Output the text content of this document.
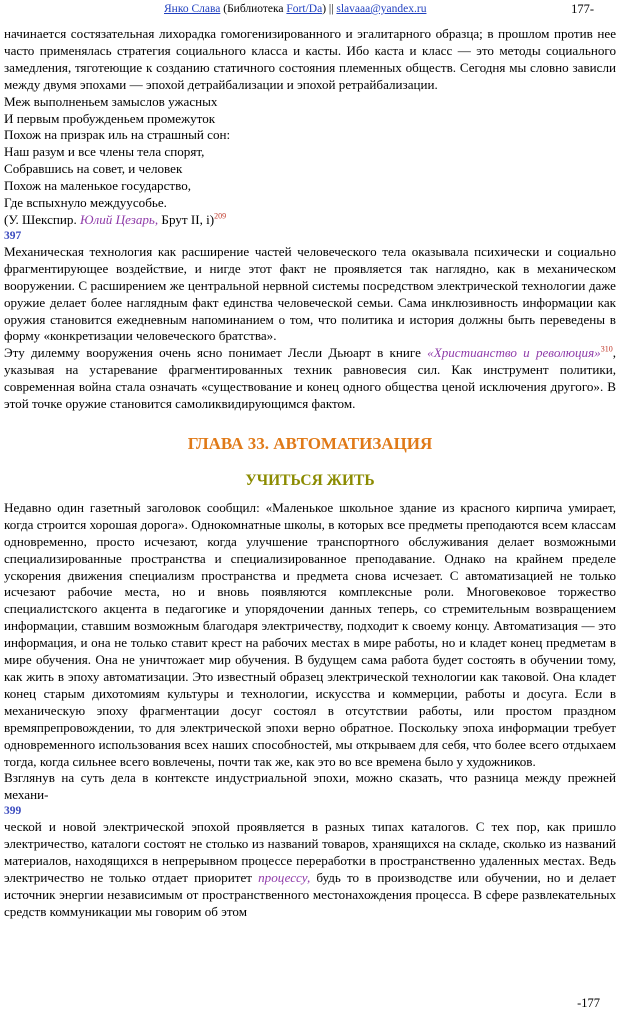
Янко Слава (Библиотека Fort/Da) || slavaaa@yandex.ru	177-

начинается состязательная лихорадка гомогенизированного и эгалитарного образца; в прошлом против нее часто применялась стратегия социального класса и касты. Ибо каста и класс — это методы социального замедления, тяготеющие к созданию статичного состояния племенных обществ. Сегодня мы словно зависли между двумя эпохами — эпохой детрайбализации и эпохой ретрайбализации.

Меж выполненьем замыслов ужасных

И первым пробужденьем промежуток

Похож на призрак иль на страшный сон:

Наш разум и все члены тела спорят,

Собравшись на совет, и человек

Похож на маленькое государство,

Где вспыхнуло междуусобье.

(У. Шекспир. Юлий Цезарь, Брут II, i)$^{209}$

397

Механическая технология как расширение частей человеческого тела оказывала психически и социально фрагментирующее воздействие, и нигде этот факт не проявляется так наглядно, как в механическом вооружении. С расширением же центральной нервной системы посредством электрической технологии даже оружие делает более наглядным факт единства человеческой семьи. Сама инклюзивность информации как оружия становится ежедневным напоминанием о том, что политика и история должны быть переведены в форму «конкретизации человеческого братства».

Эту дилемму вооружения очень ясно понимает Лесли Дьюарт в книге «Христианство и революция»$^{310}$, указывая на устаревание фрагментированных техник равновесия сил. Как инструмент политики, современная война стала означать «существование и конец одного общества ценой исключения другого». В этой точке оружие становится самоликвидирующимся фактом.

ГЛАВА 33. АВТОМАТИЗАЦИЯ
УЧИТЬСЯ ЖИТЬ

Недавно один газетный заголовок сообщил: «Маленькое школьное здание из красного кирпича умирает, когда строится хорошая дорога». Однокомнатные школы, в которых все предметы преподаются всем классам одновременно, просто исчезают, когда улучшение транспортного обслуживания делает возможными специализированные пространства и специализированное преподавание. Однако на крайнем пределе ускорения движения специализм пространства и предмета снова исчезает. С автоматизацией не только исчезают рабочие места, но и вновь появляются комплексные роли. Многовековое торжество специалистского акцента в педагогике и упорядочении данных теперь, со стремительным возвращением информации, ставшим возможным благодаря электричеству, подходит к своему концу. Автоматизация — это информация, и она не только ставит крест на рабочих местах в мире работы, но и кладет конец предметам в мире обучения. Она не уничтожает мир обучения. В будущем сама работа будет состоять в обучении тому, как жить в эпоху автоматизации. Это известный образец электрической технологии как таковой. Она кладет конец старым дихотомиям культуры и технологии, искусства и коммерции, работы и досуга. Если в механическую эпоху фрагментации досуг состоял в отсутствии работы, или простом праздном времяпрепровождении, то для электрической эпохи верно обратное. Поскольку эпоха информации требует одновременного использования всех наших способностей, мы открываем для себя, что более всего отдыхаем тогда, когда сильнее всего вовлечены, почти так же, как это во все времена было у художников.

Взглянув на суть дела в контексте индустриальной эпохи, можно сказать, что разница между прежней механи-

399

ческой и новой электрической эпохой проявляется в разных типах каталогов. С тех пор, как пришло электричество, каталоги состоят не столько из названий товаров, хранящихся на складе, сколько из названий материалов, находящихся в непрерывном процессе переработки в пространственно удаленных местах. Ведь электричество не только отдает приоритет процессу, будь то в производстве или обучении, но и делает источник энергии независимым от пространственного местонахождения процесса. В сфере развлекательных средств коммуникации мы говорим об этом

-177
